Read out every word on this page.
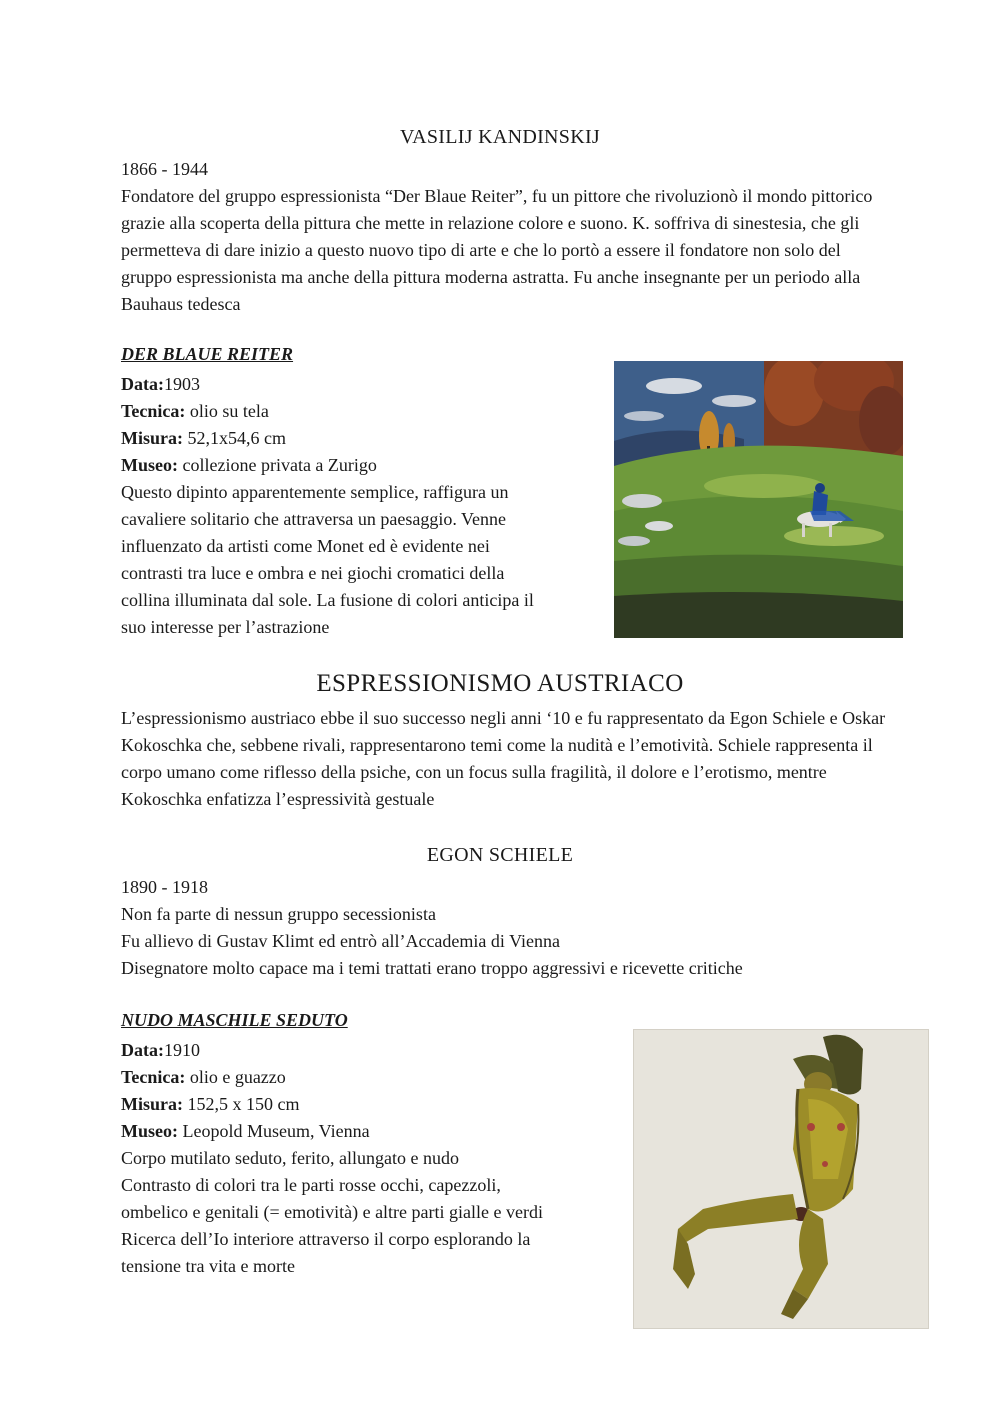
VASILIJ KANDINSKIJ
1866 - 1944
Fondatore del gruppo espressionista “Der Blaue Reiter”, fu un pittore che rivoluzionò il mondo pittorico grazie alla scoperta della pittura che mette in relazione colore e suono. K. soffriva di sinestesia, che gli permetteva di dare inizio a questo nuovo tipo di arte e che lo portò a essere il fondatore non solo del gruppo espressionista ma anche della pittura moderna astratta. Fu anche insegnante per un periodo alla Bauhaus tedesca
DER BLAUE REITER
Data:1903
Tecnica: olio su tela
Misura: 52,1x54,6 cm
Museo: collezione privata a Zurigo
Questo dipinto apparentemente semplice, raffigura un
cavaliere solitario che attraversa un paesaggio. Venne
influenzato da artisti come Monet ed è evidente nei
contrasti tra luce e ombra e nei giochi cromatici della
collina illuminata dal sole. La fusione di colori anticipa il
suo interesse per l’astrazione
ESPRESSIONISMO AUSTRIACO
L’espressionismo austriaco ebbe il suo successo negli anni ‘10 e fu rappresentato da Egon Schiele e Oskar Kokoschka che, sebbene rivali, rappresentarono temi come la nudità e l’emotività. Schiele rappresenta il corpo umano come riflesso della psiche, con un focus sulla fragilità, il dolore e l’erotismo, mentre Kokoschka enfatizza l’espressività gestuale
EGON SCHIELE
1890 - 1918
Non fa parte di nessun gruppo secessionista
Fu allievo di Gustav Klimt ed entrò all’Accademia di Vienna
Disegnatore molto capace ma i temi trattati erano troppo aggressivi e ricevette critiche
NUDO MASCHILE SEDUTO
Data:1910
Tecnica: olio e guazzo
Misura: 152,5 x 150 cm
Museo: Leopold Museum, Vienna
Corpo mutilato seduto, ferito, allungato e nudo
Contrasto di colori tra le parti rosse occhi, capezzoli,
ombelico e genitali (= emotività) e altre parti gialle e verdi
Ricerca dell’Io interiore attraverso il corpo esplorando la
tensione tra vita e morte
